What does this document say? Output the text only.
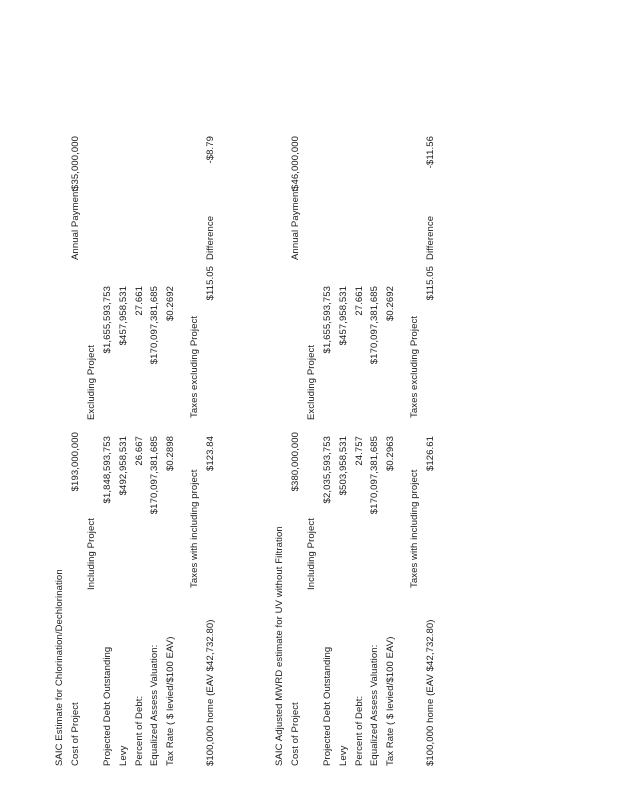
SAIC Estimate for Chlorination/Dechlorination Cost of Project
$193,000,000
Annual Payment
$35,000,000
Including Project
Excluding Project
Projected Debt Outstanding
$1,848,593,753
$1,655,593,753
Levy
$492,958,531
$457,958,531
Percent of Debt:
26.667
27.661
Equalized Assess Valuation:
$170,097,381,685
$170,097,381,685
Tax Rate ( $ levied/$100 EAV)
$0.2898
$0.2692
Taxes with including project
Taxes excluding Project
$100,000 home (EAV $42,732.80)
$123.84
$115.05
Difference
-$8.79
SAIC Adjusted MWRD estimate for UV without Filtration Cost of Project
$380,000,000
Annual Payment
$46,000,000
Including Project
Excluding Project
Projected Debt Outstanding
$2,035,593,753
$1,655,593,753
Levy
$503,958,531
$457,958,531
Percent of Debt:
24.757
27.661
Equalized Assess Valuation:
$170,097,381,685
$170,097,381,685
Tax Rate ( $ levied/$100 EAV)
$0.2963
$0.2692
Taxes with including project
Taxes excluding Project
$100,000 home (EAV $42,732.80)
$126.61
$115.05
Difference
-$11.56
